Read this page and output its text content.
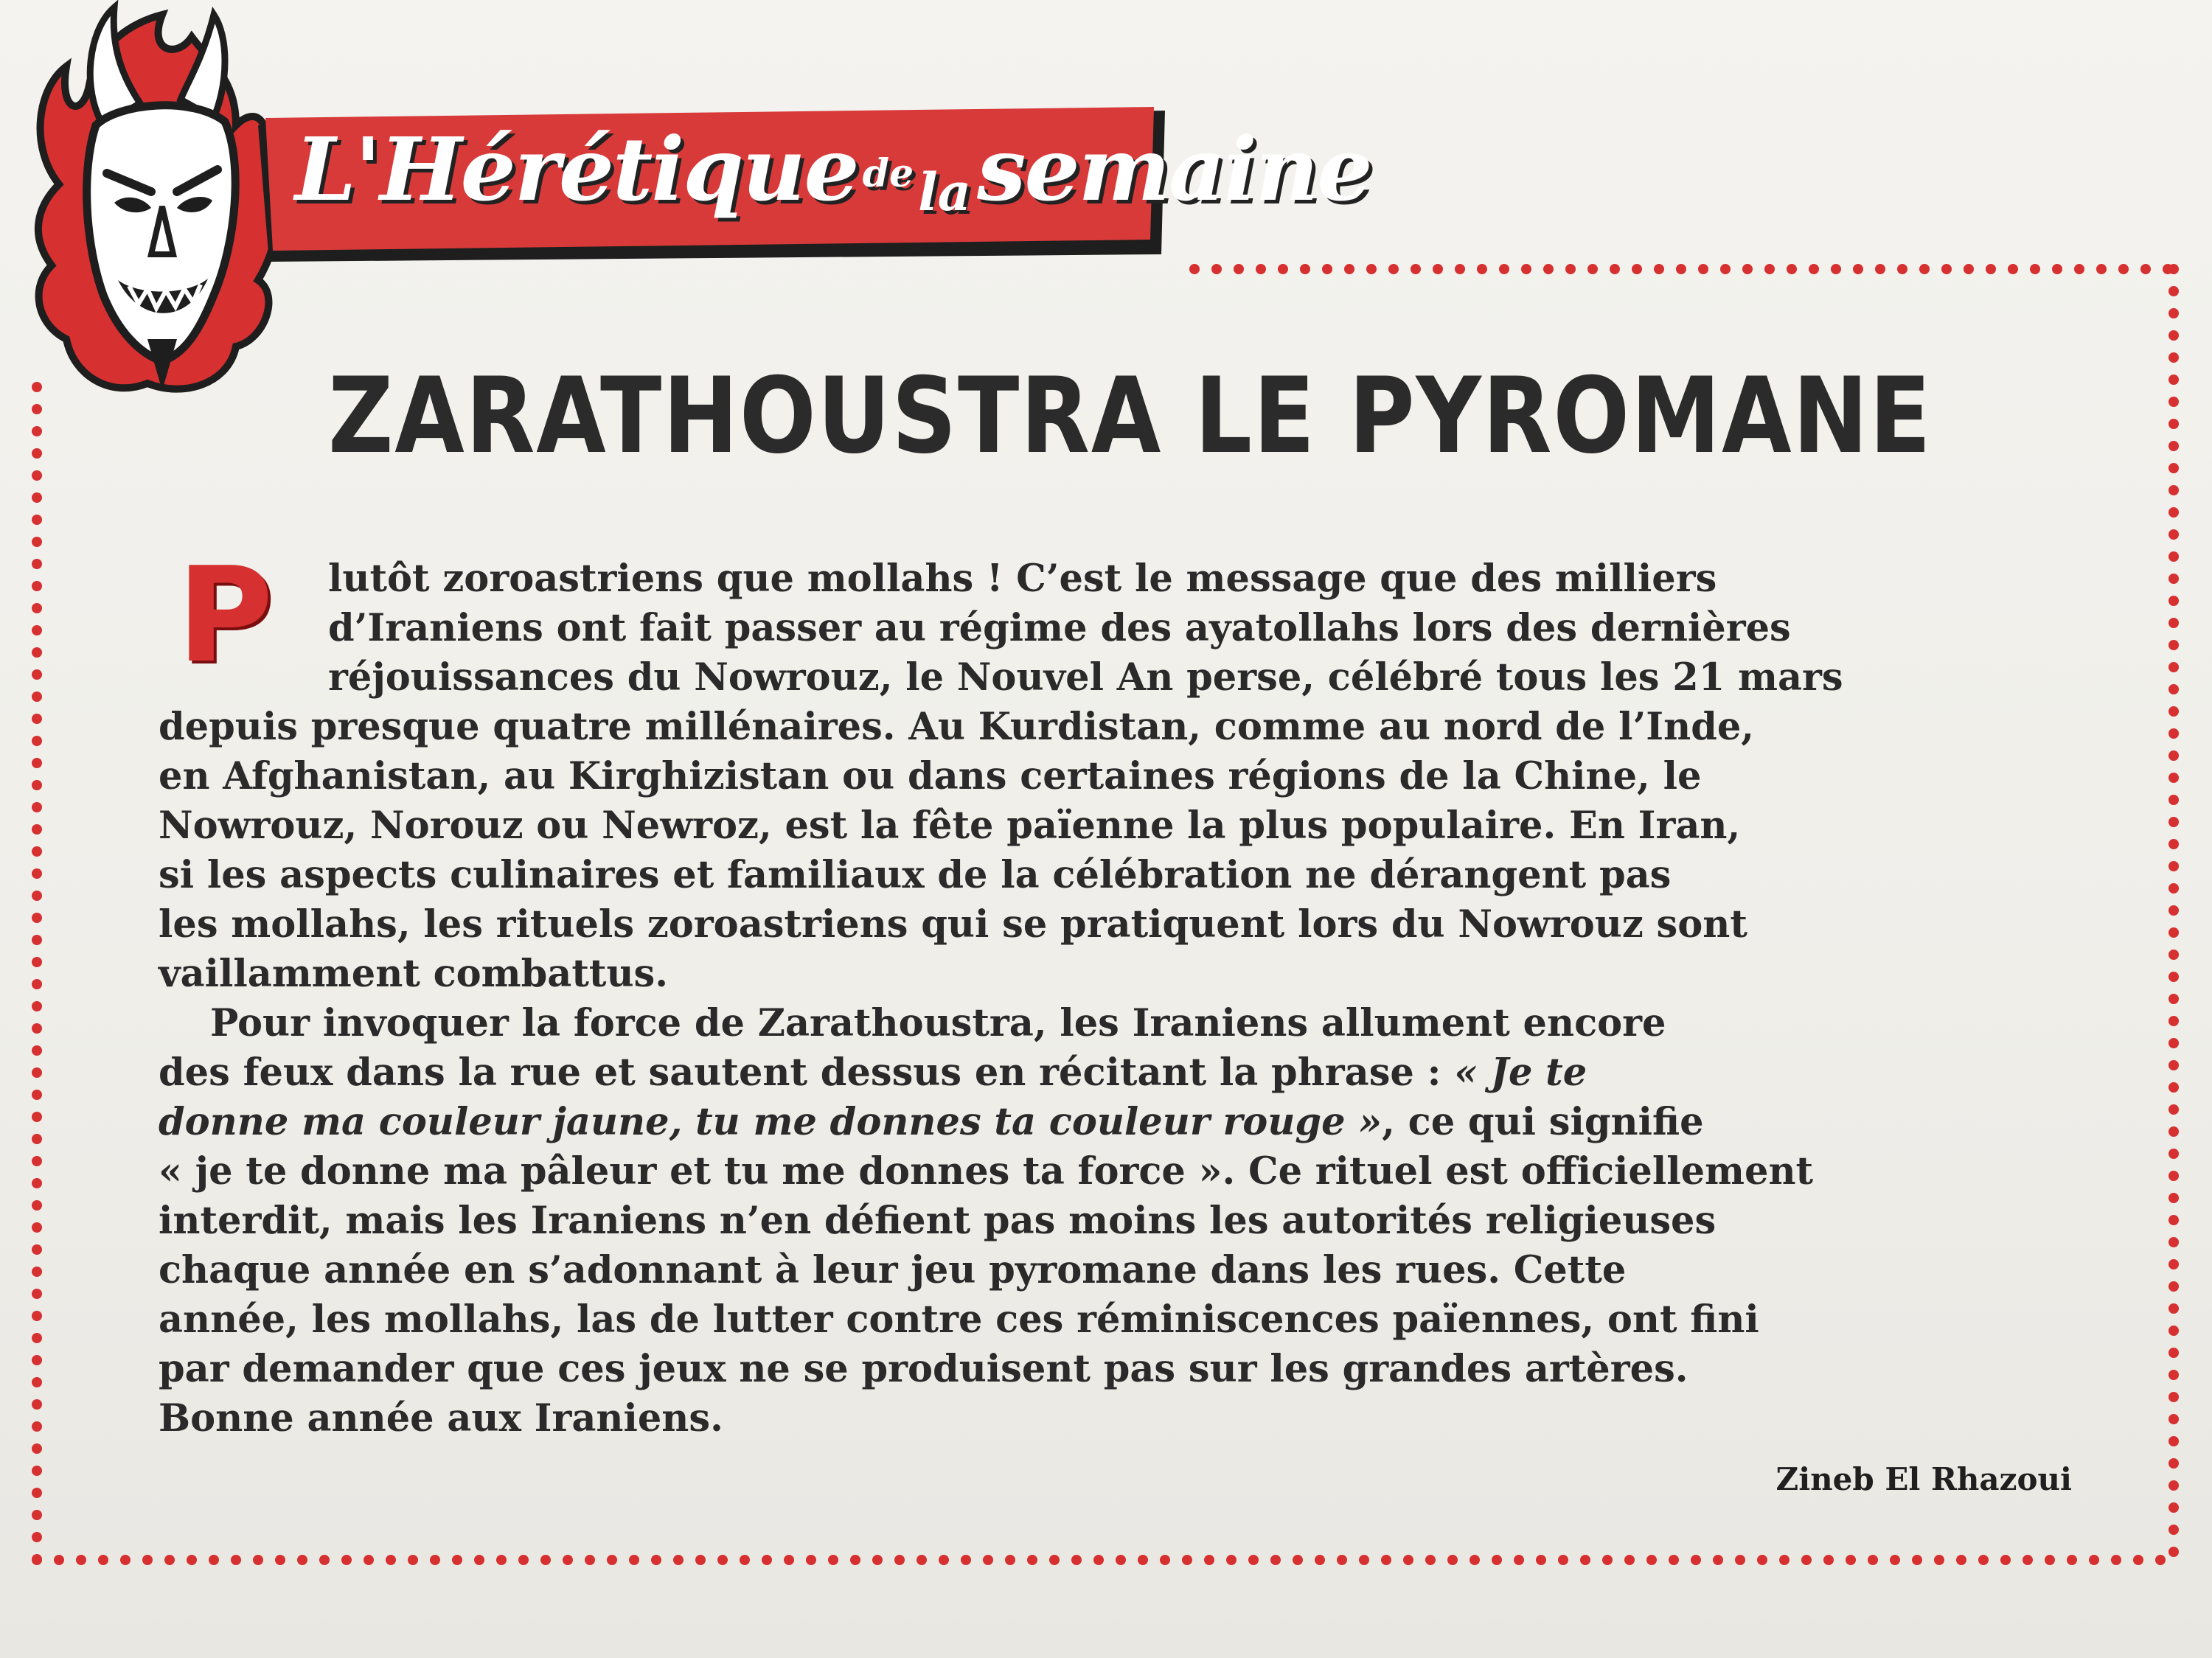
L'Hérétique de la semaine
ZARATHOUSTRA LE PYROMANE
P	lutôt zoroastriens que mollahs ! C’est le message que des milliers
d’Iraniens ont fait passer au régime des ayatollahs lors des dernières
réjouissances du Nowrouz, le Nouvel An perse, célébré tous les 21 mars
depuis presque quatre millénaires. Au Kurdistan, comme au nord de l’Inde,
en Afghanistan, au Kirghizistan ou dans certaines régions de la Chine, le
Nowrouz, Norouz ou Newroz, est la fête païenne la plus populaire. En Iran,
si les aspects culinaires et familiaux de la célébration ne dérangent pas
les mollahs, les rituels zoroastriens qui se pratiquent lors du Nowrouz sont
vaillamment combattus.
Pour invoquer la force de Zarathoustra, les Iraniens allument encore
des feux dans la rue et sautent dessus en récitant la phrase : « Je te
donne ma couleur jaune, tu me donnes ta couleur rouge », ce qui signifie
« je te donne ma pâleur et tu me donnes ta force ». Ce rituel est officiellement
interdit, mais les Iraniens n’en défient pas moins les autorités religieuses
chaque année en s’adonnant à leur jeu pyromane dans les rues. Cette
année, les mollahs, las de lutter contre ces réminiscences païennes, ont fini
par demander que ces jeux ne se produisent pas sur les grandes artères.
Bonne année aux Iraniens.
Zineb El Rhazoui
